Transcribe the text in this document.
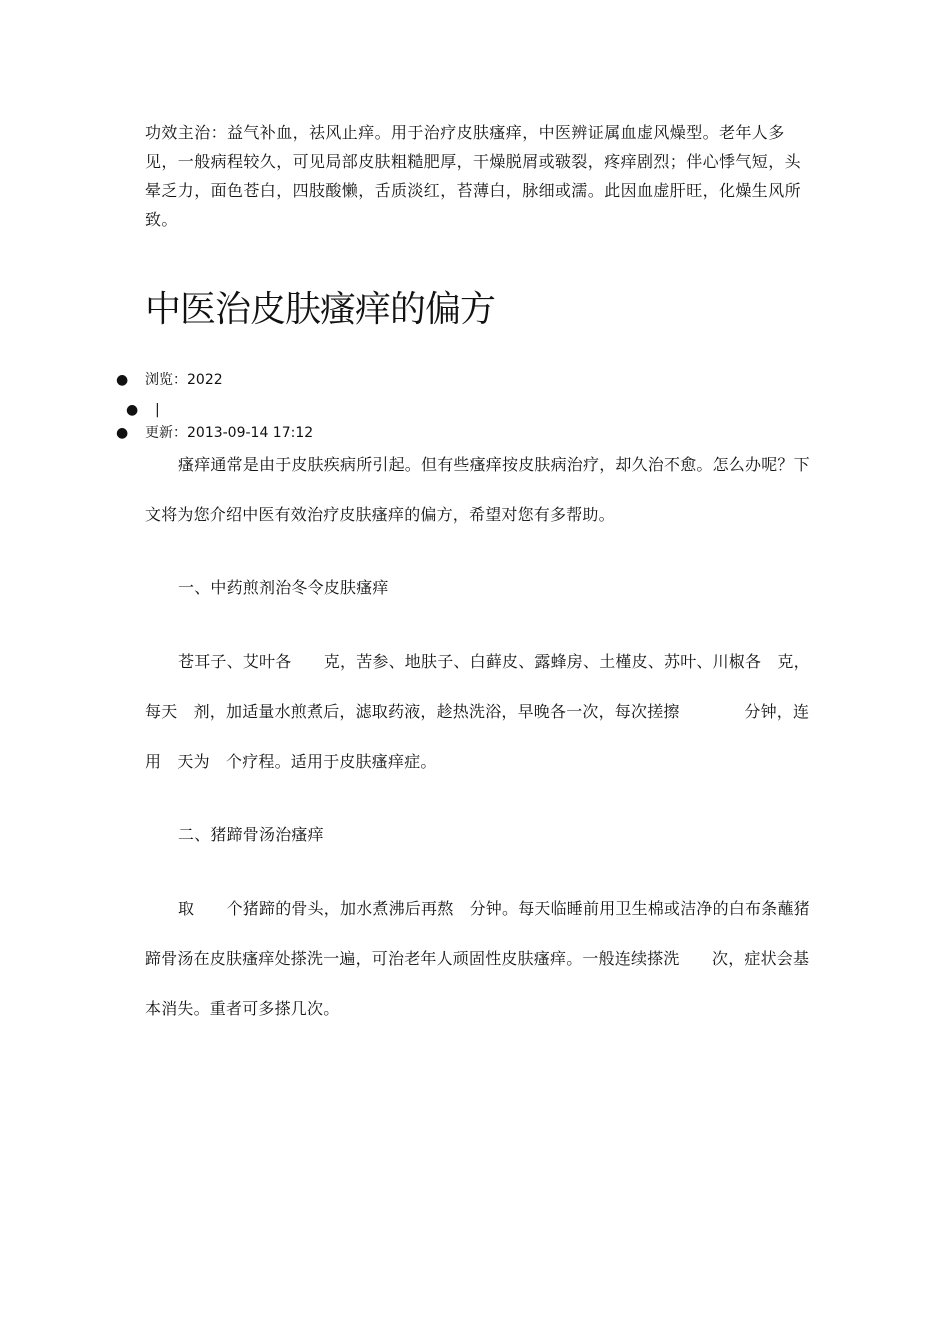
功效主治：益气补血，祛风止痒。用于治疗皮肤瘙痒，中医辨证属血虚风燥型。老年人多见，一般病程较久，可见局部皮肤粗糙肥厚，干燥脱屑或皲裂，疼痒剧烈；伴心悸气短，头晕乏力，面色苍白，四肢酸懒，舌质淡红，苔薄白，脉细或濡。此因血虚肝旺，化燥生风所致。
中医治皮肤瘙痒的偏方
● 浏览：2022
● |
● 更新：2013-09-14 17:12
瘙痒通常是由于皮肤疾病所引起。但有些瘙痒按皮肤病治疗，却久治不愈。怎么办呢？下文将为您介绍中医有效治疗皮肤瘙痒的偏方，希望对您有多帮助。
一、中药煎剂治冬令皮肤瘙痒
苍耳子、艾叶各　　克，苦参、地肤子、白藓皮、露蜂房、土槿皮、苏叶、川椒各　克，每天　剂，加适量水煎煮后，滤取药液，趁热洗浴，早晚各一次，每次搓擦　　　　分钟，连用　天为　个疗程。适用于皮肤瘙痒症。
二、猪蹄骨汤治瘙痒
取　　个猪蹄的骨头，加水煮沸后再熬　分钟。每天临睡前用卫生棉或洁净的白布条蘸猪蹄骨汤在皮肤瘙痒处搽洗一遍，可治老年人顽固性皮肤瘙痒。一般连续搽洗　　次，症状会基本消失。重者可多搽几次。
